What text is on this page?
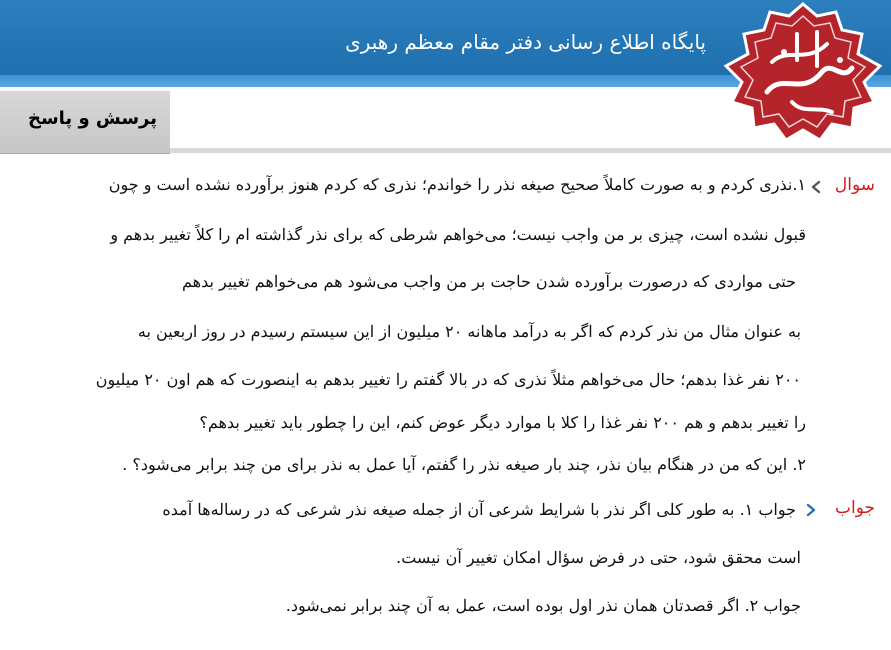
پایگاه اطلاع رسانی دفتر مقام معظم رهبری
پرسش و پاسخ
سوال
۱.نذری کردم و به صورت کاملاً صحیح صیغه نذر را خواندم؛ نذری که کردم هنوز برآورده نشده است و چون
قبول نشده است، چیزی بر من واجب نیست؛ می‌خواهم شرطی که برای نذر گذاشته ام را کلاً تغییر بدهم و
حتی مواردی که درصورت برآورده شدن حاجت بر من واجب می‌شود هم می‌خواهم تغییر بدهم
به عنوان مثال من نذر کردم که اگر به درآمد ماهانه ۲۰ میلیون از این سیستم رسیدم در روز اربعین به
۲۰۰ نفر غذا بدهم؛ حال می‌خواهم مثلاً نذری که در بالا گفتم را تغییر بدهم به اینصورت که هم اون ۲۰ میلیون
را تغییر بدهم و هم ۲۰۰ نفر غذا را کلا با موارد دیگر عوض کنم، این را چطور باید تغییر بدهم؟
۲. این که من در هنگام بیان نذر، چند بار صیغه نذر را گفتم، آیا عمل به نذر برای من چند برابر می‌شود؟ .
جواب
جواب ۱. به طور کلی اگر نذر با شرایط شرعی آن از جمله صیغه نذر شرعی که در رساله‌ها آمده
است محقق شود، حتی در فرض سؤال امکان تغییر آن نیست.
جواب ۲. اگر قصدتان همان نذر اول بوده است، عمل به آن چند برابر نمی‌شود.
